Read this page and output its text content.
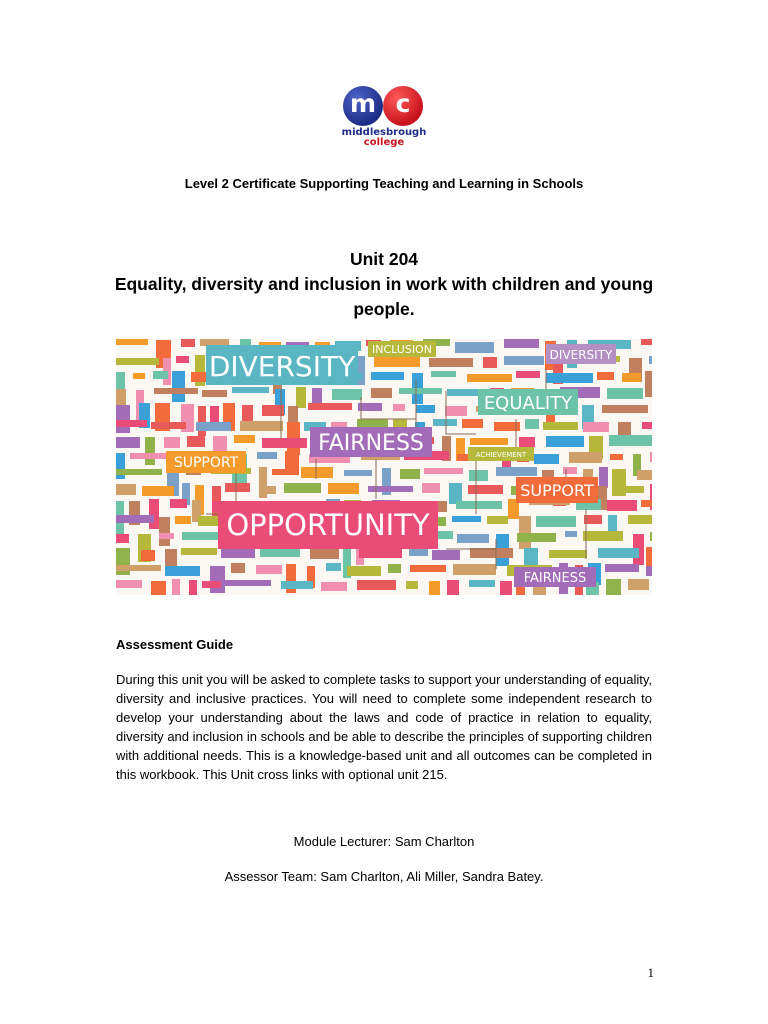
m c
middlesbrough
college
Level 2 Certificate Supporting Teaching and Learning in Schools
Unit 204
Equality, diversity and inclusion in work with children and young people.
DIVERSITY
INCLUSION	DIVERSITY
EQUALITY
FAIRNESS
SUPPORT	ACHIEVEMENT
SUPPORT
OPPORTUNITY
FAIRNESS
Assessment Guide
During this unit you will be asked to complete tasks to support your understanding of equality, diversity and inclusive practices. You will need to complete some independent research to develop your understanding about the laws and code of practice in relation to equality, diversity and inclusion in schools and be able to describe the principles of supporting children with additional needs. This is a knowledge-based unit and all outcomes can be completed in this workbook. This Unit cross links with optional unit 215.
Module Lecturer: Sam Charlton
Assessor Team: Sam Charlton, Ali Miller, Sandra Batey.
1
